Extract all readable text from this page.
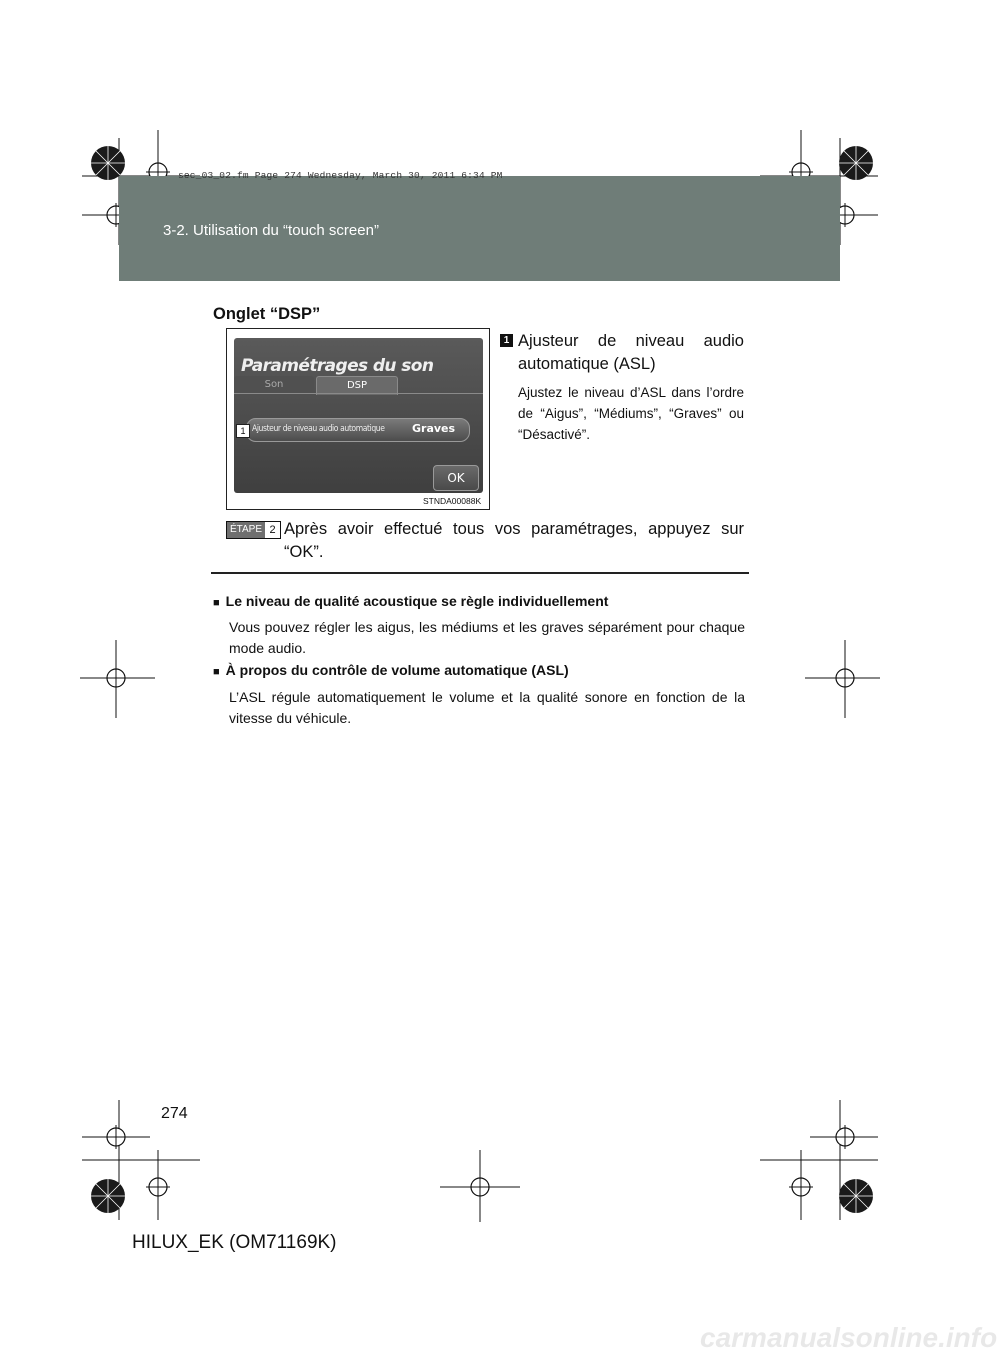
sec_03_02.fm Page 274 Wednesday, March 30, 2011 6:34 PM
3-2. Utilisation du “touch screen”
Onglet “DSP”
Paramétrages du son
Son	DSP
Ajusteur de niveau audio automatique Graves
1
OK
STNDA00088K
1 Ajusteur de niveau audio automatique (ASL)
Ajustez le niveau d’ASL dans l’ordre de “Aigus”, “Médiums”, “Graves” ou “Désactivé”.
ÉTAPE 2 Après avoir effectué tous vos paramétrages, appuyez sur “OK”.
■ Le niveau de qualité acoustique se règle individuellement
Vous pouvez régler les aigus, les médiums et les graves séparément pour chaque mode audio.
■ À propos du contrôle de volume automatique (ASL)
L’ASL régule automatiquement le volume et la qualité sonore en fonction de la vitesse du véhicule.
274
HILUX_EK (OM71169K)
carmanualsonline.info
